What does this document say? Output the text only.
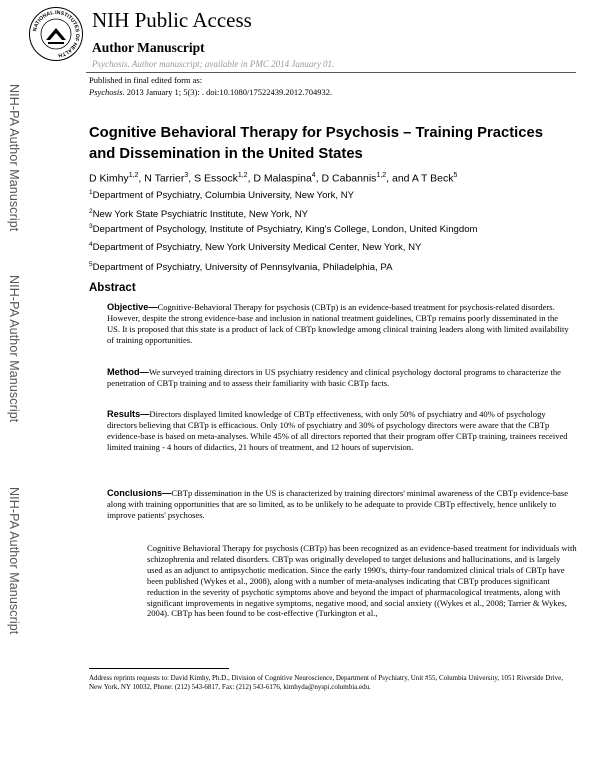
NATIONAL INSTITUTES OF HEALTH
NIH Public Access
Author Manuscript
Psychosis. Author manuscript; available in PMC 2014 January 01.
Published in final edited form as:
Psychosis. 2013 January 1; 5(3): . doi:10.1080/17522439.2012.704932.
NIH-PA Author Manuscript
NIH-PA Author Manuscript
NIH-PA Author Manuscript
Cognitive Behavioral Therapy for Psychosis – Training Practices
and Dissemination in the United States
D Kimhy$^{1,2}$, N Tarrier$^3$, S Essock$^{1,2}$, D Malaspina$^4$, D Cabannis$^{1,2}$, and A T Beck$^5$
$^1$Department of Psychiatry, Columbia University, New York, NY
$^2$New York State Psychiatric Institute, New York, NY
$^3$Department of Psychology, Institute of Psychiatry, King's College, London, United Kingdom
$^4$Department of Psychiatry, New York University Medical Center, New York, NY
$^5$Department of Psychiatry, University of Pennsylvania, Philadelphia, PA
Abstract
Objective—Cognitive-Behavioral Therapy for psychosis (CBTp) is an evidence-based treatment for psychosis-related disorders. However, despite the strong evidence-base and inclusion in national treatment guidelines, CBTp remains poorly disseminated in the US. It is proposed that this state is a product of lack of CBTp knowledge among clinical training leaders along with limited availability of training opportunities.
Method—We surveyed training directors in US psychiatry residency and clinical psychology doctoral programs to characterize the penetration of CBTp training and to assess their familiarity with basic CBTp facts.
Results—Directors displayed limited knowledge of CBTp effectiveness, with only 50% of psychiatry and 40% of psychology directors believing that CBTp is efficacious. Only 10% of psychiatry and 30% of psychology directors were aware that the CBTp evidence-base is based on meta-analyses. While 45% of all directors reported that their program offer CBTp training, trainees received limited training - 4 hours of didactics, 21 hours of treatment, and 12 hours of supervision.
Conclusions—CBTp dissemination in the US is characterized by training directors' minimal awareness of the CBTp evidence-base along with training opportunities that are so limited, as to be unlikely to be adequate to provide CBTp effectively, hence unlikely to improve patients' psychoses.
Cognitive Behavioral Therapy for psychosis (CBTp) has been recognized as an evidence-based treatment for individuals with schizophrenia and related disorders. CBTp was originally developed to target delusions and hallucinations, and is largely used as an adjunct to antipsychotic medication. Since the early 1990's, thirty-four randomized clinical trials of CBTp have been published (Wykes et al., 2008), along with a number of meta-analyses indicating that CBTp produces significant reduction in the severity of psychotic symptoms above and beyond the impact of pharmacological treatments, along with significant improvements in negative symptoms, negative mood, and social anxiety ((Wykes et al., 2008; Tarrier & Wykes, 2004). CBTp has been found to be cost-effective (Turkington et al.,
Address reprints requests to: David Kimhy, Ph.D., Division of Cognitive Neuroscience, Department of Psychiatry, Unit #55, Columbia University, 1051 Riverside Drive, New York, NY 10032, Phone: (212) 543-6817, Fax: (212) 543-6176, kimhyda@nyspi.columbia.edu.
